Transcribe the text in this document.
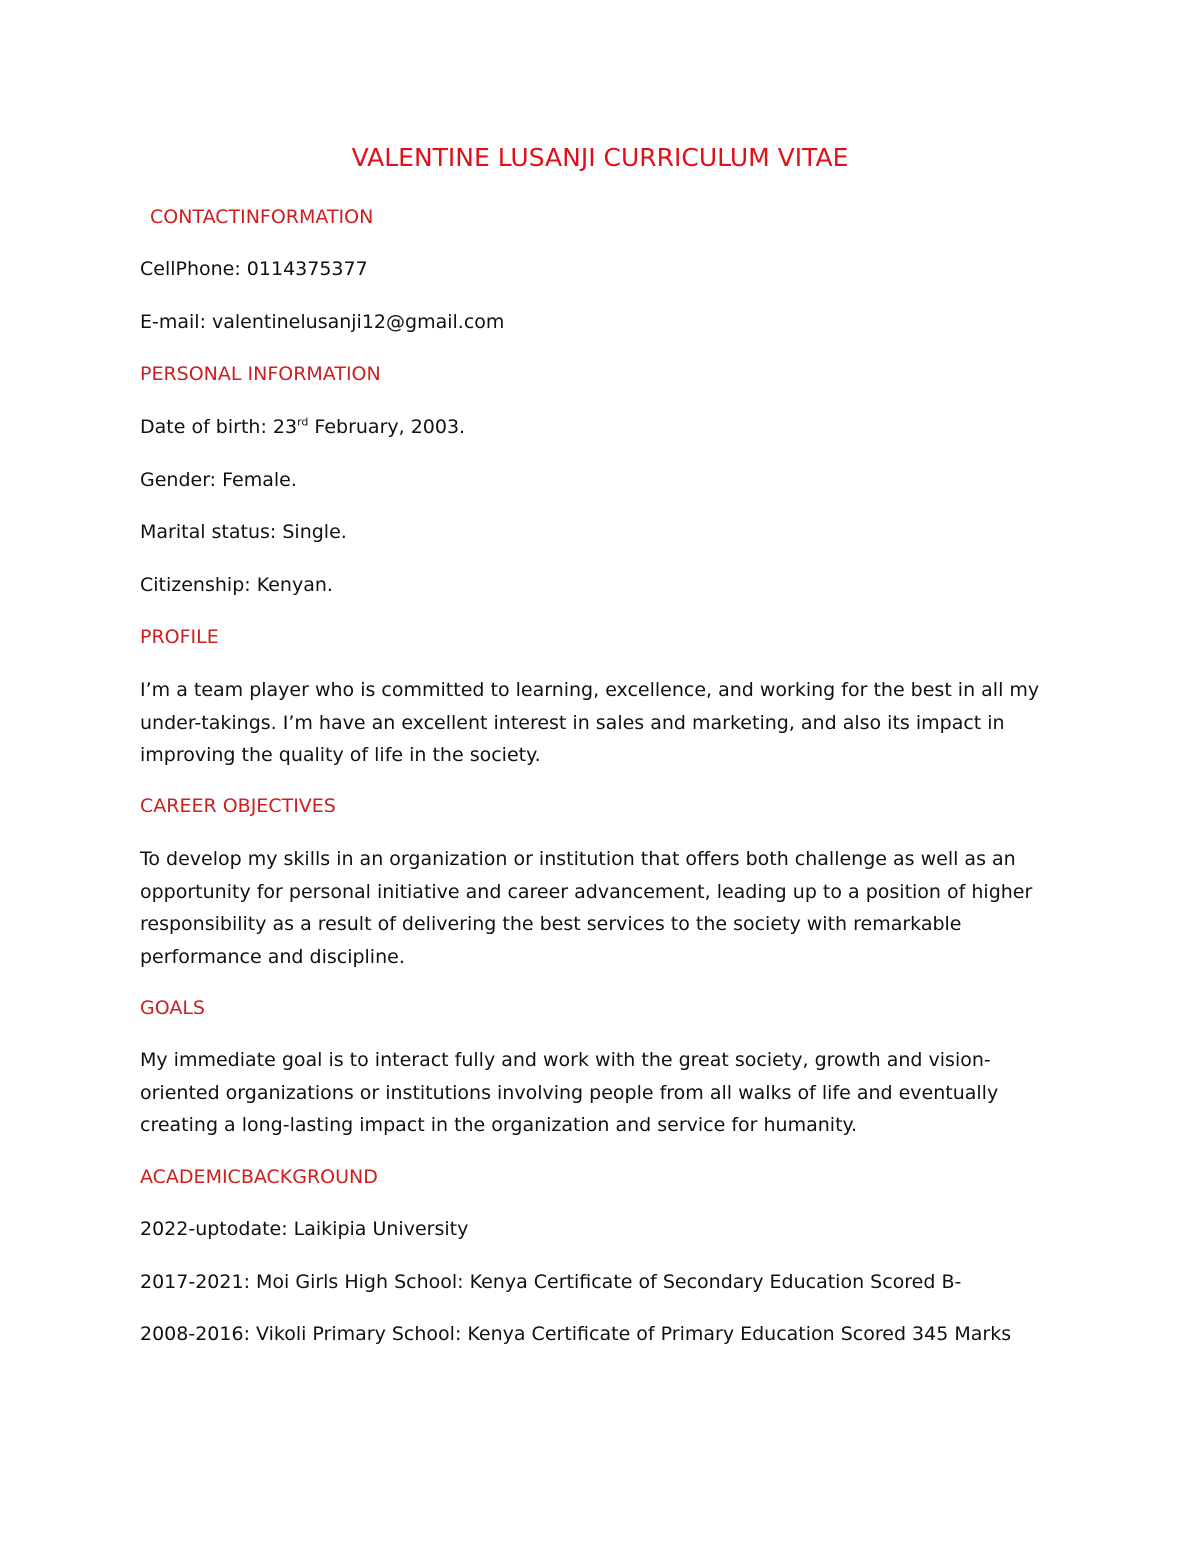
VALENTINE LUSANJI CURRICULUM VITAE
CONTACTINFORMATION
CellPhone: 0114375377
E-mail: valentinelusanji12@gmail.com
PERSONAL INFORMATION
Date of birth: 23rd February, 2003.
Gender: Female.
Marital status: Single.
Citizenship: Kenyan.
PROFILE
I’m a team player who is committed to learning, excellence, and working for the best in all my
under-takings. I’m have an excellent interest in sales and marketing, and also its impact in
improving the quality of life in the society.
CAREER OBJECTIVES
To develop my skills in an organization or institution that offers both challenge as well as an
opportunity for personal initiative and career advancement, leading up to a position of higher
responsibility as a result of delivering the best services to the society with remarkable
performance and discipline.
GOALS
My immediate goal is to interact fully and work with the great society, growth and vision-
oriented organizations or institutions involving people from all walks of life and eventually
creating a long-lasting impact in the organization and service for humanity.
ACADEMICBACKGROUND
2022-uptodate: Laikipia University
2017-2021: Moi Girls High School: Kenya Certificate of Secondary Education Scored B-
2008-2016: Vikoli Primary School: Kenya Certificate of Primary Education Scored 345 Marks
